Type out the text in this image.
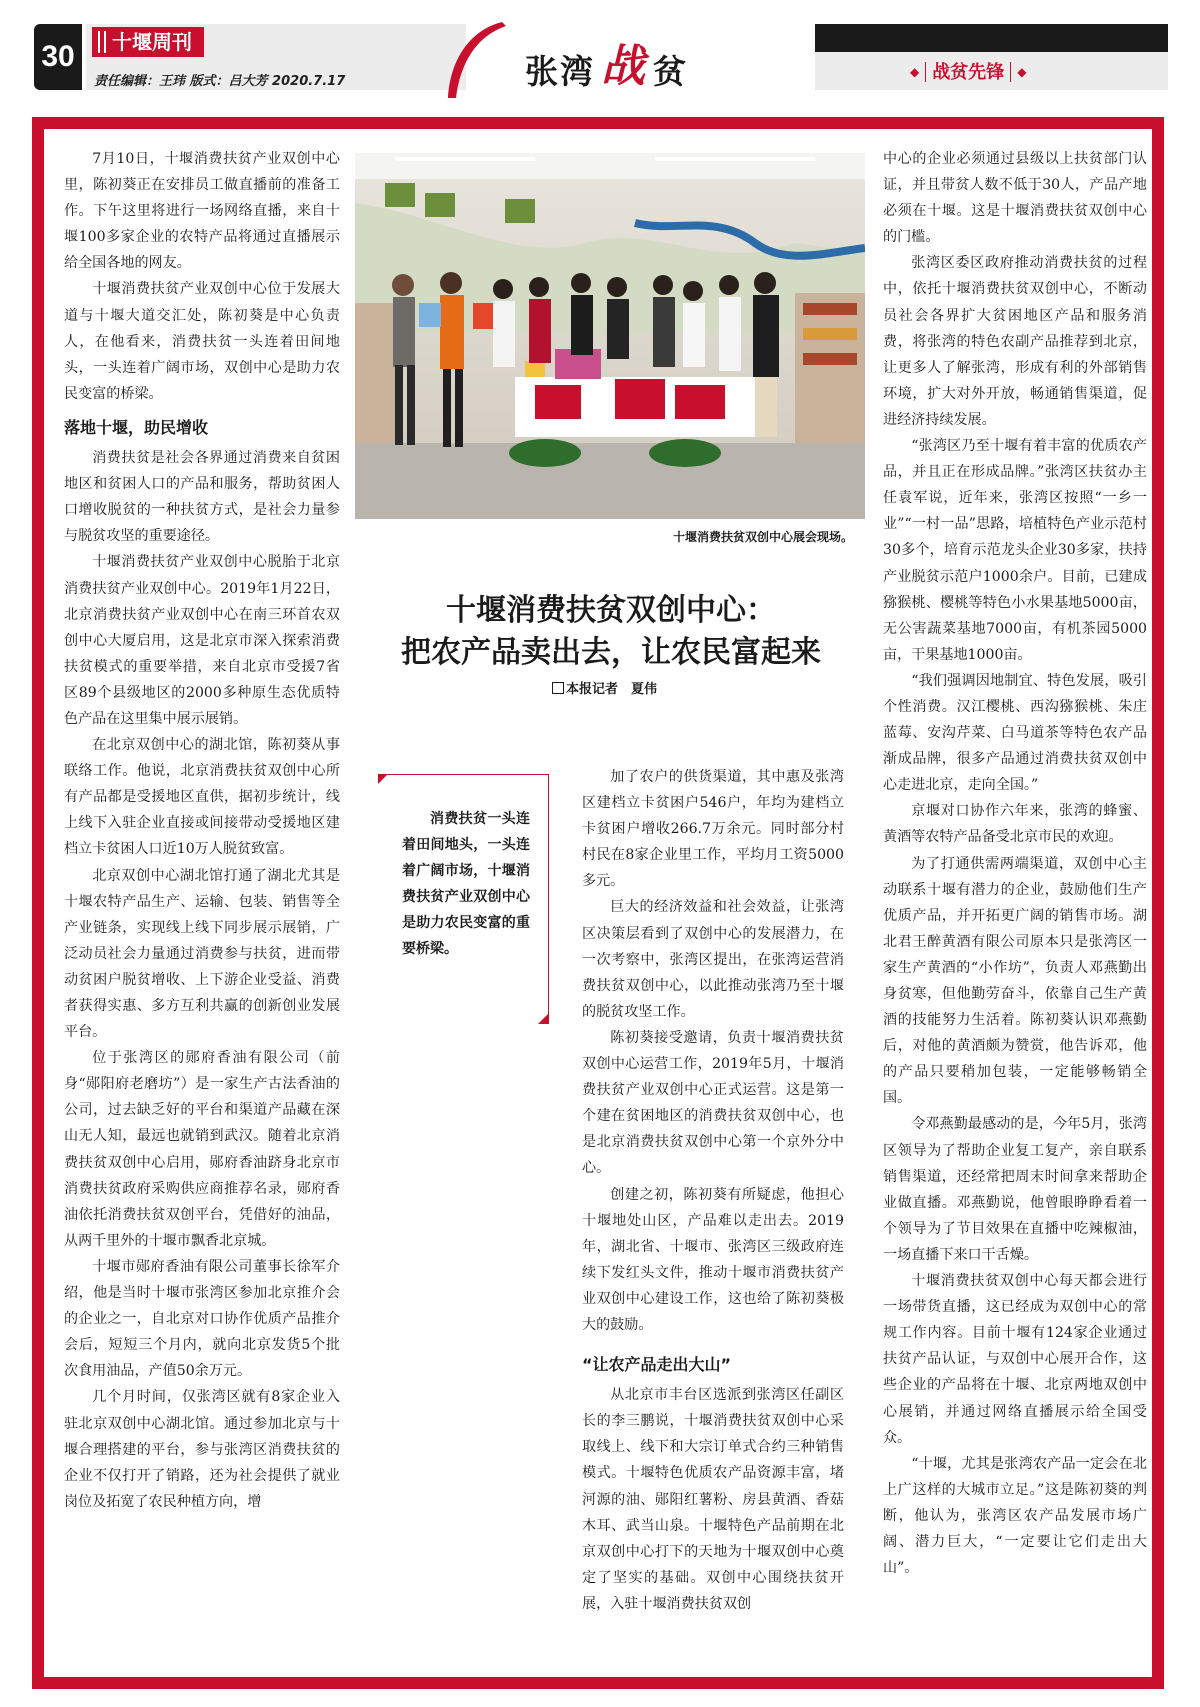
30	十堰周刊
责任编辑：王玮 版式：吕大芳 2020.7.17	张湾 战 贫	◆ 战贫先锋 ◆

7月10日，十堰消费扶贫产业双创中心里，陈初葵正在安排员工做直播前的准备工作。下午这里将进行一场网络直播，来自十堰100多家企业的农特产品将通过直播展示给全国各地的网友。

十堰消费扶贫产业双创中心位于发展大道与十堰大道交汇处，陈初葵是中心负责人，在他看来，消费扶贫一头连着田间地头，一头连着广阔市场，双创中心是助力农民变富的桥梁。

落地十堰，助民增收

消费扶贫是社会各界通过消费来自贫困地区和贫困人口的产品和服务，帮助贫困人口增收脱贫的一种扶贫方式，是社会力量参与脱贫攻坚的重要途径。

十堰消费扶贫产业双创中心脱胎于北京消费扶贫产业双创中心。2019年1月22日，北京消费扶贫产业双创中心在南三环首农双创中心大厦启用，这是北京市深入探索消费扶贫模式的重要举措，来自北京市受援7省区89个县级地区的2000多种原生态优质特色产品在这里集中展示展销。

在北京双创中心的湖北馆，陈初葵从事联络工作。他说，北京消费扶贫双创中心所有产品都是受援地区直供，据初步统计，线上线下入驻企业直接或间接带动受援地区建档立卡贫困人口近10万人脱贫致富。

北京双创中心湖北馆打通了湖北尤其是十堰农特产品生产、运输、包装、销售等全产业链条，实现线上线下同步展示展销，广泛动员社会力量通过消费参与扶贫，进而带动贫困户脱贫增收、上下游企业受益、消费者获得实惠、多方互利共赢的创新创业发展平台。

位于张湾区的郧府香油有限公司（前身“郧阳府老磨坊”）是一家生产古法香油的公司，过去缺乏好的平台和渠道产品藏在深山无人知，最远也就销到武汉。随着北京消费扶贫双创中心启用，郧府香油跻身北京市消费扶贫政府采购供应商推荐名录，郧府香油依托消费扶贫双创平台，凭借好的油品，从两千里外的十堰市飘香北京城。

十堰市郧府香油有限公司董事长徐军介绍，他是当时十堰市张湾区参加北京推介会的企业之一，自北京对口协作优质产品推介会后，短短三个月内，就向北京发货5个批次食用油品，产值50余万元。

几个月时间，仅张湾区就有8家企业入驻北京双创中心湖北馆。通过参加北京与十堰合理搭建的平台，参与张湾区消费扶贫的企业不仅打开了销路，还为社会提供了就业岗位及拓宽了农民种植方向，增

十堰消费扶贫双创中心展会现场。
十堰消费扶贫双创中心：
把农产品卖出去，让农民富起来
本报记者　夏伟
消费扶贫一头连着田间地头，一头连着广阔市场，十堰消费扶贫产业双创中心是助力农民变富的重要桥梁。

加了农户的供货渠道，其中惠及张湾区建档立卡贫困户546户，年均为建档立卡贫困户增收266.7万余元。同时部分村村民在8家企业里工作，平均月工资5000多元。

巨大的经济效益和社会效益，让张湾区决策层看到了双创中心的发展潜力，在一次考察中，张湾区提出，在张湾运营消费扶贫双创中心，以此推动张湾乃至十堰的脱贫攻坚工作。

陈初葵接受邀请，负责十堰消费扶贫双创中心运营工作，2019年5月，十堰消费扶贫产业双创中心正式运营。这是第一个建在贫困地区的消费扶贫双创中心，也是北京消费扶贫双创中心第一个京外分中心。

创建之初，陈初葵有所疑虑，他担心十堰地处山区，产品难以走出去。2019年，湖北省、十堰市、张湾区三级政府连续下发红头文件，推动十堰市消费扶贫产业双创中心建设工作，这也给了陈初葵极大的鼓励。

“让农产品走出大山”

从北京市丰台区选派到张湾区任副区长的李三鹏说，十堰消费扶贫双创中心采取线上、线下和大宗订单式合约三种销售模式。十堰特色优质农产品资源丰富，堵河源的油、郧阳红薯粉、房县黄酒、香菇木耳、武当山泉。十堰特色产品前期在北京双创中心打下的天地为十堰双创中心奠定了坚实的基础。双创中心围绕扶贫开展，入驻十堰消费扶贫双创

中心的企业必须通过县级以上扶贫部门认证，并且带贫人数不低于30人，产品产地必须在十堰。这是十堰消费扶贫双创中心的门槛。

张湾区委区政府推动消费扶贫的过程中，依托十堰消费扶贫双创中心，不断动员社会各界扩大贫困地区产品和服务消费，将张湾的特色农副产品推荐到北京，让更多人了解张湾，形成有利的外部销售环境，扩大对外开放，畅通销售渠道，促进经济持续发展。

“张湾区乃至十堰有着丰富的优质农产品，并且正在形成品牌。”张湾区扶贫办主任袁军说，近年来，张湾区按照“一乡一业”“一村一品”思路，培植特色产业示范村30多个，培育示范龙头企业30多家，扶持产业脱贫示范户1000余户。目前，已建成猕猴桃、樱桃等特色小水果基地5000亩，无公害蔬菜基地7000亩，有机茶园5000亩，干果基地1000亩。

“我们强调因地制宜、特色发展，吸引个性消费。汉江樱桃、西沟猕猴桃、朱庄蓝莓、安沟芹菜、白马道茶等特色农产品渐成品牌，很多产品通过消费扶贫双创中心走进北京，走向全国。”

京堰对口协作六年来，张湾的蜂蜜、黄酒等农特产品备受北京市民的欢迎。

为了打通供需两端渠道，双创中心主动联系十堰有潜力的企业，鼓励他们生产优质产品，并开拓更广阔的销售市场。湖北君王醉黄酒有限公司原本只是张湾区一家生产黄酒的“小作坊”，负责人邓燕勤出身贫寒，但他勤劳奋斗，依靠自己生产黄酒的技能努力生活着。陈初葵认识邓燕勤后，对他的黄酒颇为赞赏，他告诉邓，他的产品只要稍加包装，一定能够畅销全国。

令邓燕勤最感动的是，今年5月，张湾区领导为了帮助企业复工复产，亲自联系销售渠道，还经常把周末时间拿来帮助企业做直播。邓燕勤说，他曾眼睁睁看着一个领导为了节目效果在直播中吃辣椒油，一场直播下来口干舌燥。

十堰消费扶贫双创中心每天都会进行一场带货直播，这已经成为双创中心的常规工作内容。目前十堰有124家企业通过扶贫产品认证，与双创中心展开合作，这些企业的产品将在十堰、北京两地双创中心展销，并通过网络直播展示给全国受众。

“十堰，尤其是张湾农产品一定会在北上广这样的大城市立足。”这是陈初葵的判断，他认为，张湾区农产品发展市场广阔、潜力巨大，“一定要让它们走出大山”。
